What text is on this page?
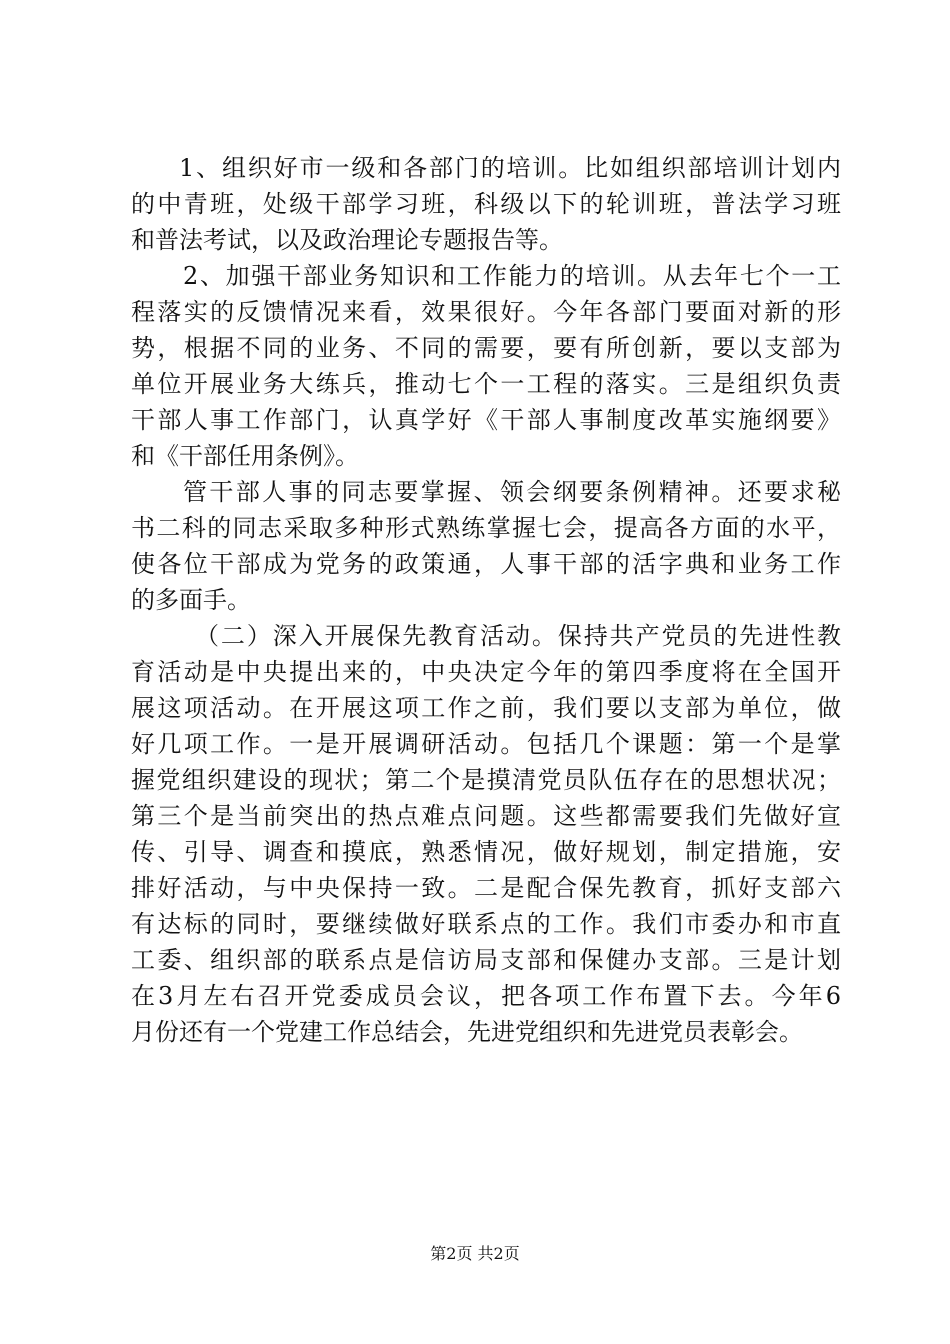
1、组织好市一级和各部门的培训。比如组织部培训计划内
的中青班，处级干部学习班，科级以下的轮训班，普法学习班
和普法考试，以及政治理论专题报告等。
2、加强干部业务知识和工作能力的培训。从去年七个一工
程落实的反馈情况来看，效果很好。今年各部门要面对新的形
势，根据不同的业务、不同的需要，要有所创新，要以支部为
单位开展业务大练兵，推动七个一工程的落实。三是组织负责
干部人事工作部门，认真学好《干部人事制度改革实施纲要》
和《干部任用条例》。
管干部人事的同志要掌握、领会纲要条例精神。还要求秘
书二科的同志采取多种形式熟练掌握七会，提高各方面的水平，
使各位干部成为党务的政策通，人事干部的活字典和业务工作
的多面手。
（二）深入开展保先教育活动。保持共产党员的先进性教
育活动是中央提出来的，中央决定今年的第四季度将在全国开
展这项活动。在开展这项工作之前，我们要以支部为单位，做
好几项工作。一是开展调研活动。包括几个课题：第一个是掌
握党组织建设的现状；第二个是摸清党员队伍存在的思想状况；
第三个是当前突出的热点难点问题。这些都需要我们先做好宣
传、引导、调查和摸底，熟悉情况，做好规划，制定措施，安
排好活动，与中央保持一致。二是配合保先教育，抓好支部六
有达标的同时，要继续做好联系点的工作。我们市委办和市直
工委、组织部的联系点是信访局支部和保健办支部。三是计划
在3月左右召开党委成员会议，把各项工作布置下去。今年6
月份还有一个党建工作总结会，先进党组织和先进党员表彰会。
第2页 共2页
